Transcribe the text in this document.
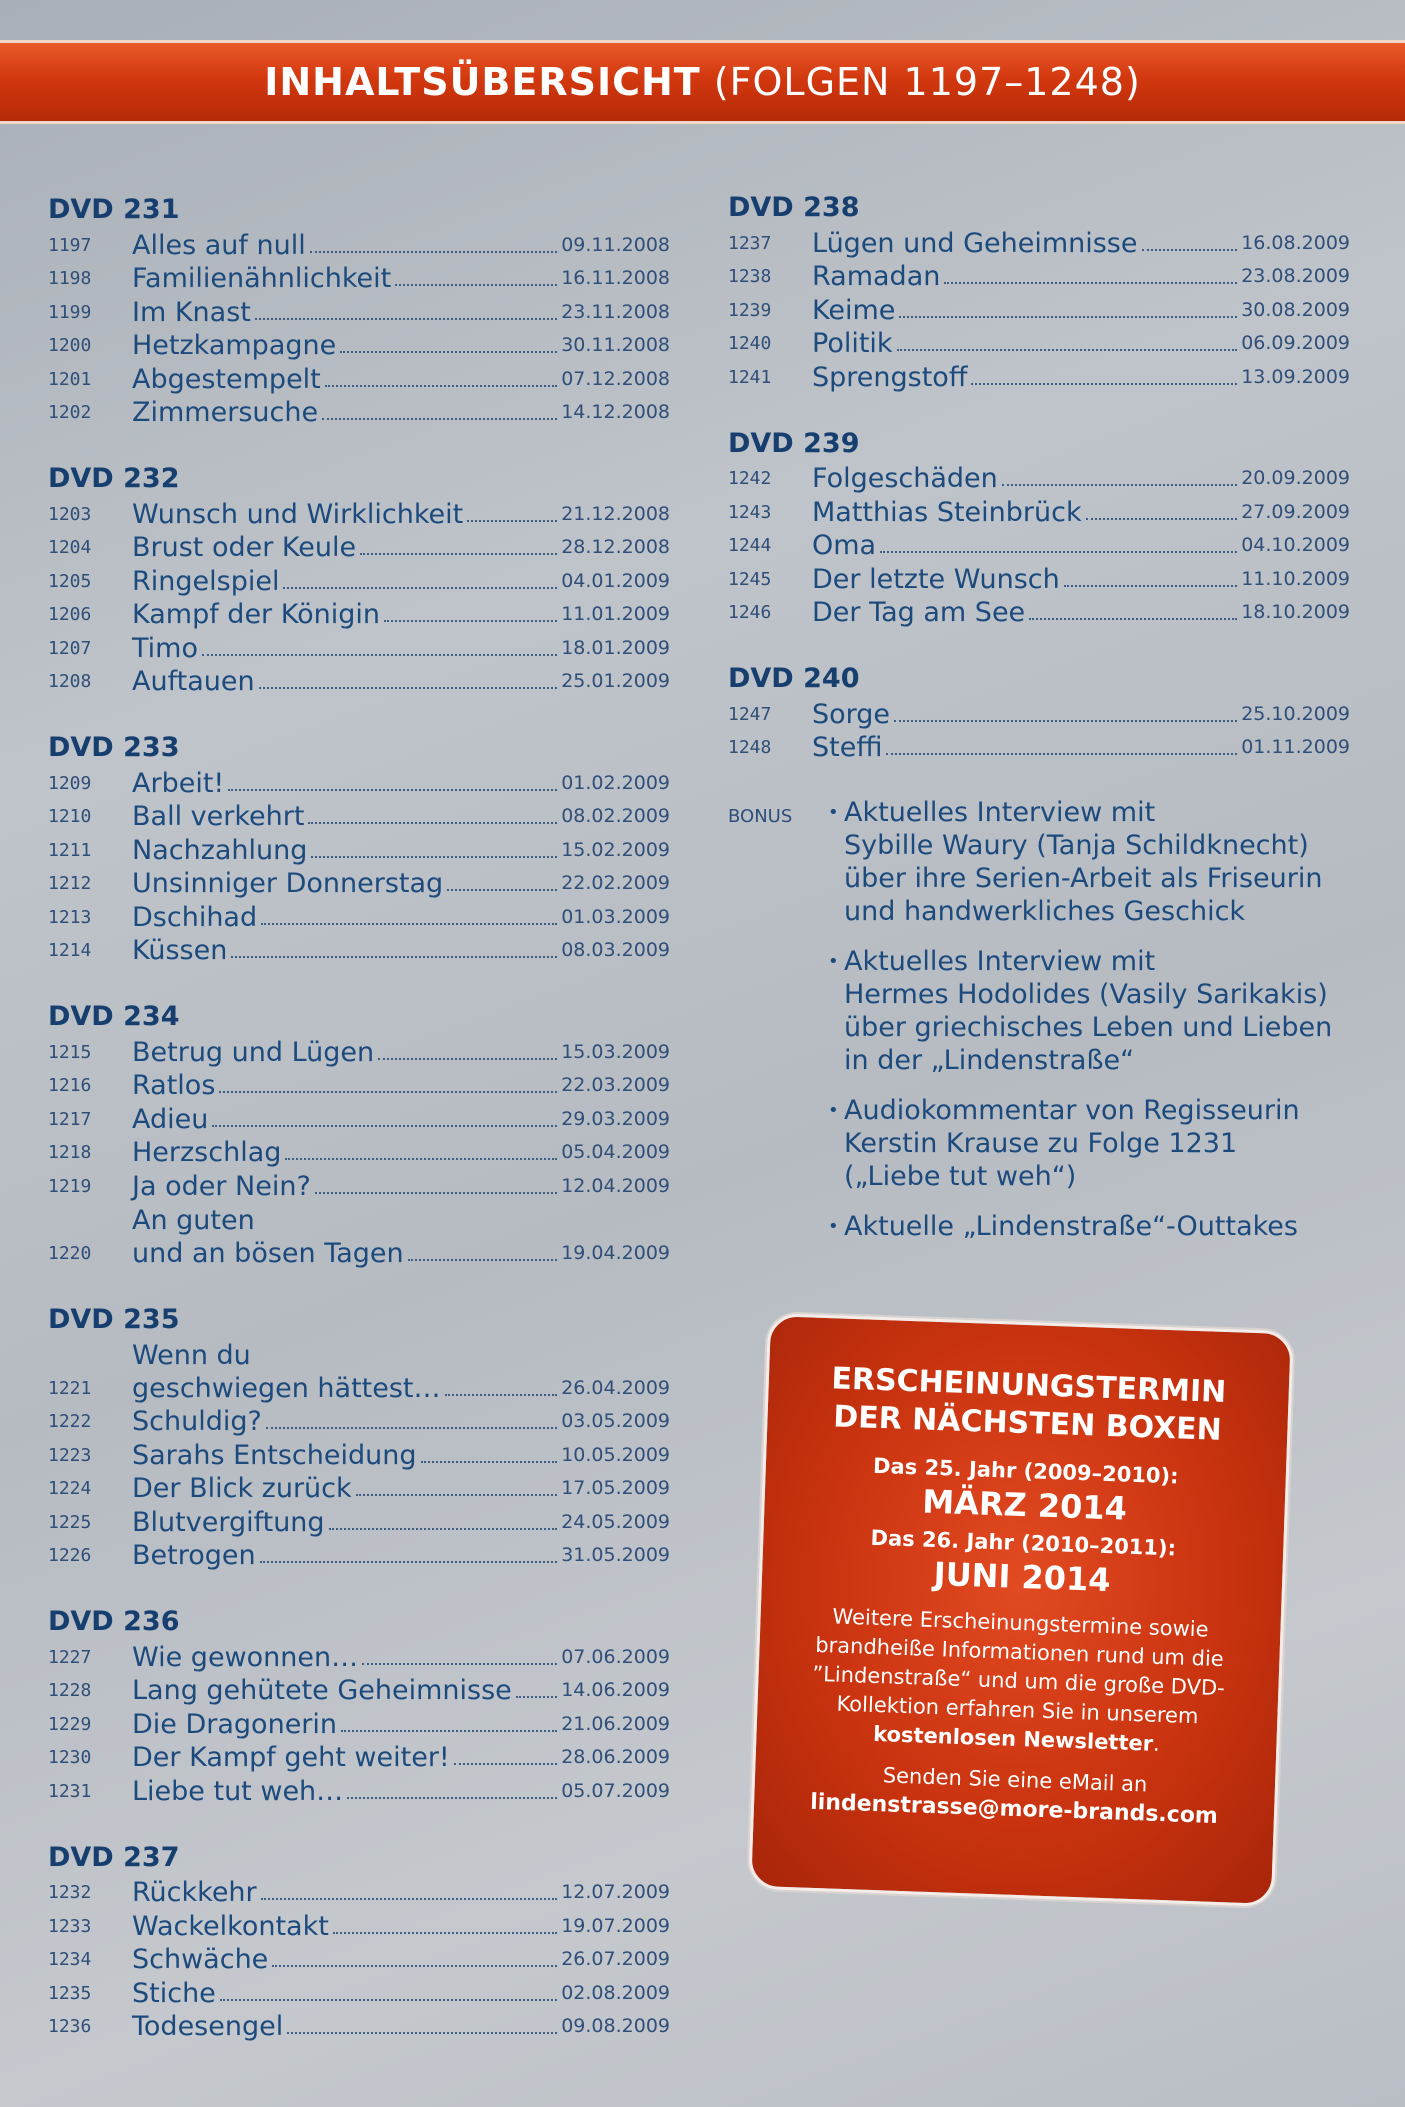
INHALTSÜBERSICHT (FOLGEN 1197–1248)
DVD 231
1197	Alles auf null	09.11.2008
1198	Familienähnlichkeit	16.11.2008
1199	Im Knast	23.11.2008
1200	Hetzkampagne	30.11.2008
1201	Abgestempelt	07.12.2008
1202	Zimmersuche	14.12.2008
DVD 232
1203	Wunsch und Wirklichkeit	21.12.2008
1204	Brust oder Keule	28.12.2008
1205	Ringelspiel	04.01.2009
1206	Kampf der Königin	11.01.2009
1207	Timo	18.01.2009
1208	Auftauen	25.01.2009
DVD 233
1209	Arbeit!	01.02.2009
1210	Ball verkehrt	08.02.2009
1211	Nachzahlung	15.02.2009
1212	Unsinniger Donnerstag	22.02.2009
1213	Dschihad	01.03.2009
1214	Küssen	08.03.2009
DVD 234
1215	Betrug und Lügen	15.03.2009
1216	Ratlos	22.03.2009
1217	Adieu	29.03.2009
1218	Herzschlag	05.04.2009
1219	Ja oder Nein?	12.04.2009
1220
An guten
und an bösen Tagen	19.04.2009
DVD 235
1221
Wenn du
geschwiegen hättest…	26.04.2009
1222	Schuldig?	03.05.2009
1223	Sarahs Entscheidung	10.05.2009
1224	Der Blick zurück	17.05.2009
1225	Blutvergiftung	24.05.2009
1226	Betrogen	31.05.2009
DVD 236
1227	Wie gewonnen…	07.06.2009
1228	Lang gehütete Geheimnisse	14.06.2009
1229	Die Dragonerin	21.06.2009
1230	Der Kampf geht weiter!	28.06.2009
1231	Liebe tut weh…	05.07.2009
DVD 237
1232	Rückkehr	12.07.2009
1233	Wackelkontakt	19.07.2009
1234	Schwäche	26.07.2009
1235	Stiche	02.08.2009
1236	Todesengel	09.08.2009
DVD 238
1237	Lügen und Geheimnisse	16.08.2009
1238	Ramadan	23.08.2009
1239	Keime	30.08.2009
1240	Politik	06.09.2009
1241	Sprengstoff	13.09.2009
DVD 239
1242	Folgeschäden	20.09.2009
1243	Matthias Steinbrück	27.09.2009
1244	Oma	04.10.2009
1245	Der letzte Wunsch	11.10.2009
1246	Der Tag am See	18.10.2009
DVD 240
1247	Sorge	25.10.2009
1248	Steffi	01.11.2009
BONUS	• Aktuelles Interview mit
Sybille Waury (Tanja Schildknecht)
über ihre Serien-Arbeit als Friseurin
und handwerkliches Geschick
• Aktuelles Interview mit
Hermes Hodolides (Vasily Sarikakis)
über griechisches Leben und Lieben
in der „Lindenstraße“
• Audiokommentar von Regisseurin
Kerstin Krause zu Folge 1231
(„Liebe tut weh“)
• Aktuelle „Lindenstraße“-Outtakes
ERSCHEINUNGSTERMIN
DER NÄCHSTEN BOXEN
Das 25. Jahr (2009–2010):
MÄRZ 2014
Das 26. Jahr (2010–2011):
JUNI 2014
Weitere Erscheinungstermine sowie brandheiße Informationen rund um die ”Lindenstraße“ und um die große DVD-Kollektion erfahren Sie in unserem kostenlosen Newsletter.
Senden Sie eine eMail an
lindenstrasse@more-brands.com
